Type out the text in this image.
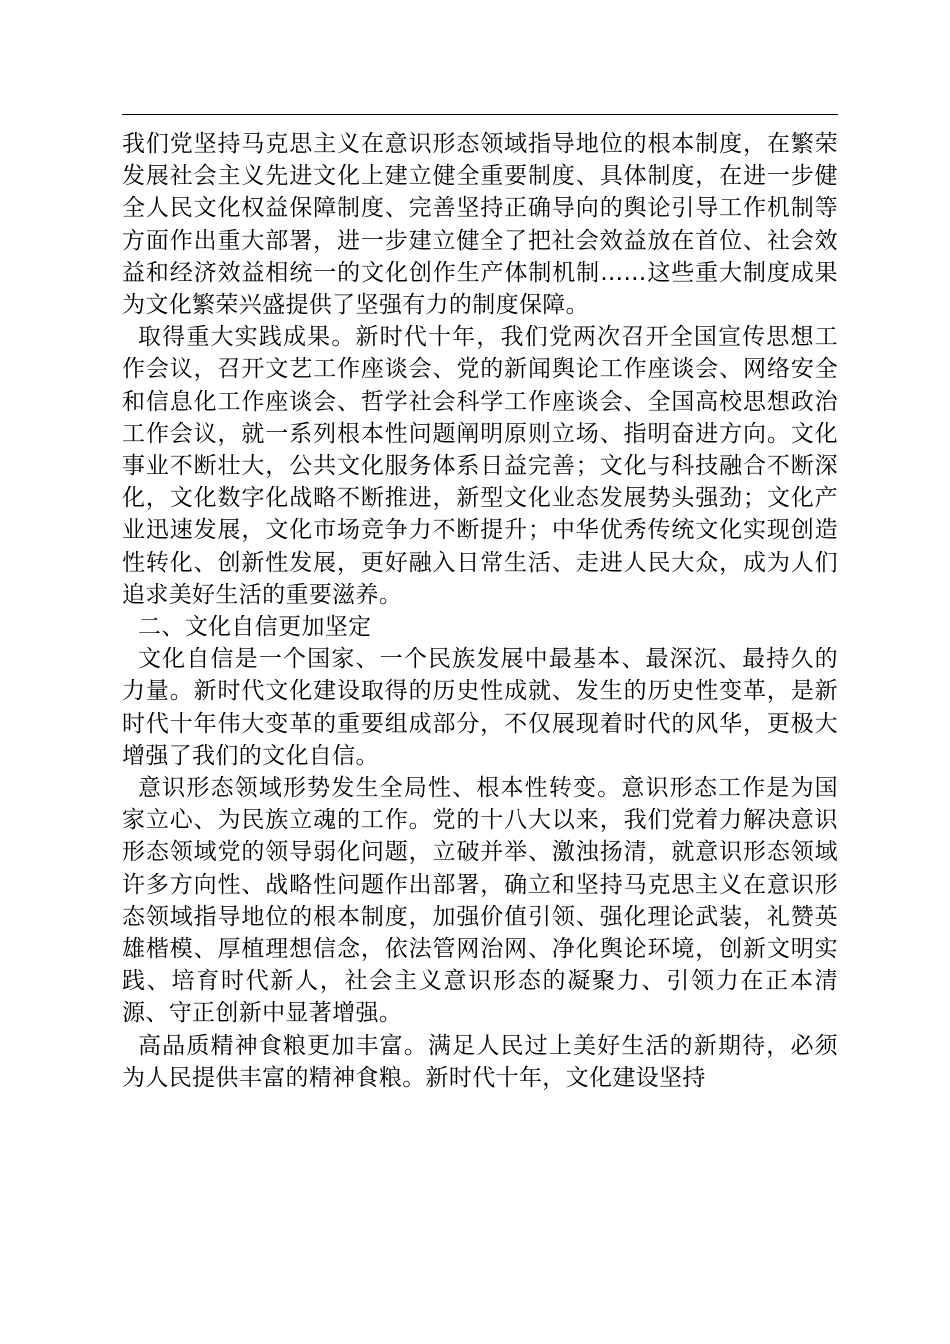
我们党坚持马克思主义在意识形态领域指导地位的根本制度，在繁荣发展社会主义先进文化上建立健全重要制度、具体制度，在进一步健全人民文化权益保障制度、完善坚持正确导向的舆论引导工作机制等方面作出重大部署，进一步建立健全了把社会效益放在首位、社会效益和经济效益相统一的文化创作生产体制机制……这些重大制度成果为文化繁荣兴盛提供了坚强有力的制度保障。

取得重大实践成果。新时代十年，我们党两次召开全国宣传思想工作会议，召开文艺工作座谈会、党的新闻舆论工作座谈会、网络安全和信息化工作座谈会、哲学社会科学工作座谈会、全国高校思想政治工作会议，就一系列根本性问题阐明原则立场、指明奋进方向。文化事业不断壮大，公共文化服务体系日益完善；文化与科技融合不断深化，文化数字化战略不断推进，新型文化业态发展势头强劲；文化产业迅速发展，文化市场竞争力不断提升；中华优秀传统文化实现创造性转化、创新性发展，更好融入日常生活、走进人民大众，成为人们追求美好生活的重要滋养。

二、文化自信更加坚定

文化自信是一个国家、一个民族发展中最基本、最深沉、最持久的力量。新时代文化建设取得的历史性成就、发生的历史性变革，是新时代十年伟大变革的重要组成部分，不仅展现着时代的风华，更极大增强了我们的文化自信。

意识形态领域形势发生全局性、根本性转变。意识形态工作是为国家立心、为民族立魂的工作。党的十八大以来，我们党着力解决意识形态领域党的领导弱化问题，立破并举、激浊扬清，就意识形态领域许多方向性、战略性问题作出部署，确立和坚持马克思主义在意识形态领域指导地位的根本制度，加强价值引领、强化理论武装，礼赞英雄楷模、厚植理想信念，依法管网治网、净化舆论环境，创新文明实践、培育时代新人，社会主义意识形态的凝聚力、引领力在正本清源、守正创新中显著增强。

高品质精神食粮更加丰富。满足人民过上美好生活的新期待，必须为人民提供丰富的精神食粮。新时代十年，文化建设坚持
